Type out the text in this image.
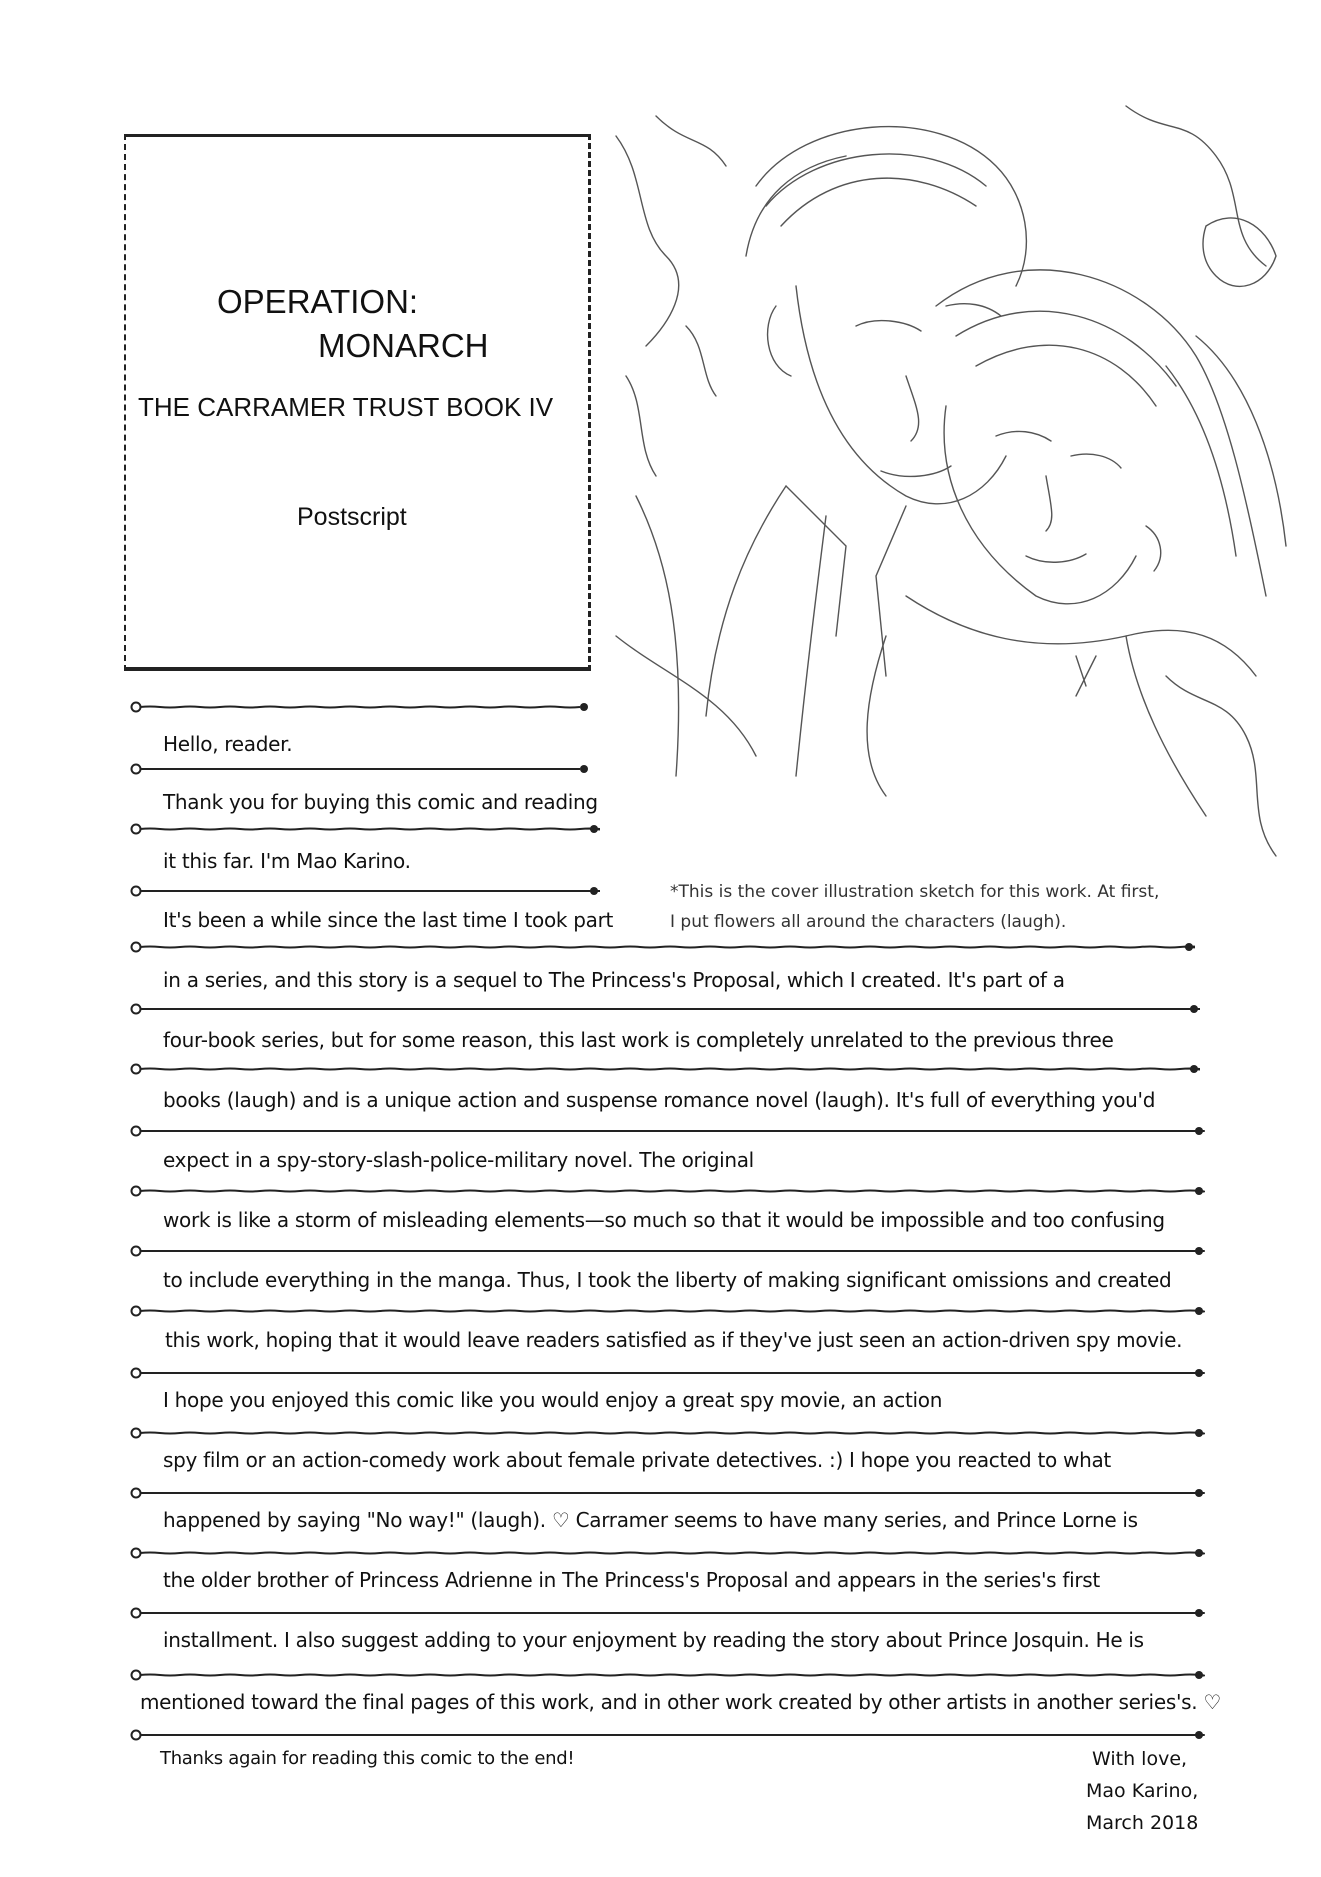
OPERATION:
MONARCH
THE CARRAMER TRUST BOOK IV
Postscript
*This is the cover illustration sketch for this work. At first,
I put flowers all around the characters (laugh).
Hello, reader.
Thank you for buying this comic and reading
it this far. I'm Mao Karino.
It's been a while since the last time I took part
in a series, and this story is a sequel to The Princess's Proposal, which I created. It's part of a
four-book series, but for some reason, this last work is completely unrelated to the previous three
books (laugh) and is a unique action and suspense romance novel (laugh). It's full of everything you'd
expect in a spy-story-slash-police-military novel. The original
work is like a storm of misleading elements—so much so that it would be impossible and too confusing
to include everything in the manga. Thus, I took the liberty of making significant omissions and created
this work, hoping that it would leave readers satisfied as if they've just seen an action-driven spy movie.
I hope you enjoyed this comic like you would enjoy a great spy movie, an action
spy film or an action-comedy work about female private detectives. :) I hope you reacted to what
happened by saying "No way!" (laugh). ♡ Carramer seems to have many series, and Prince Lorne is
the older brother of Princess Adrienne in The Princess's Proposal and appears in the series's first
installment. I also suggest adding to your enjoyment by reading the story about Prince Josquin. He is
mentioned toward the final pages of this work, and in other work created by other artists in another series's. ♡
Thanks again for reading this comic to the end!	With love,
Mao Karino,
March 2018
